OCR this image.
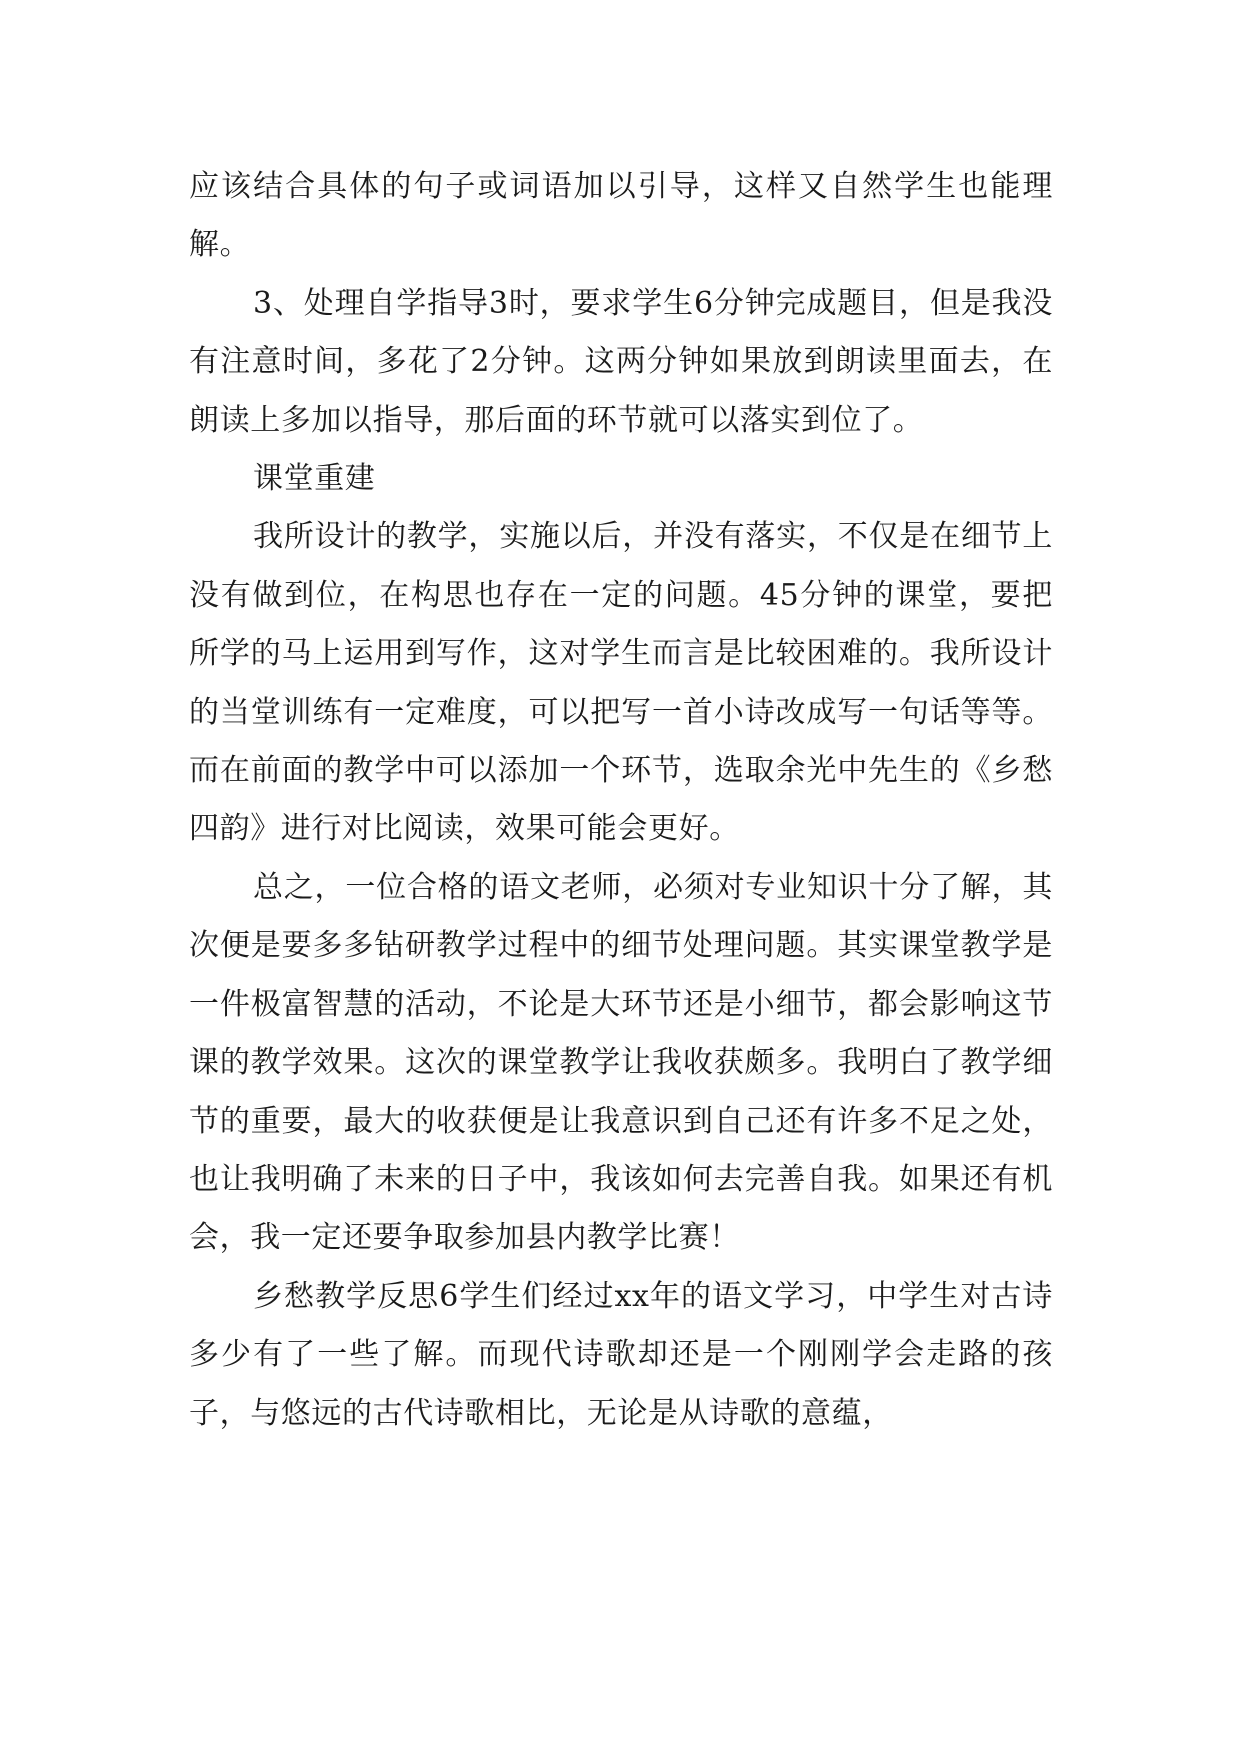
应该结合具体的句子或词语加以引导，这样又自然学生也能理解。

3、处理自学指导3时，要求学生6分钟完成题目，但是我没有注意时间，多花了2分钟。这两分钟如果放到朗读里面去，在朗读上多加以指导，那后面的环节就可以落实到位了。

课堂重建

我所设计的教学，实施以后，并没有落实，不仅是在细节上没有做到位，在构思也存在一定的问题。45分钟的课堂，要把所学的马上运用到写作，这对学生而言是比较困难的。我所设计的当堂训练有一定难度，可以把写一首小诗改成写一句话等等。而在前面的教学中可以添加一个环节，选取余光中先生的《乡愁四韵》进行对比阅读，效果可能会更好。

总之，一位合格的语文老师，必须对专业知识十分了解，其次便是要多多钻研教学过程中的细节处理问题。其实课堂教学是一件极富智慧的活动，不论是大环节还是小细节，都会影响这节课的教学效果。这次的课堂教学让我收获颇多。我明白了教学细节的重要，最大的收获便是让我意识到自己还有许多不足之处，也让我明确了未来的日子中，我该如何去完善自我。如果还有机会，我一定还要争取参加县内教学比赛！

乡愁教学反思6学生们经过xx年的语文学习，中学生对古诗多少有了一些了解。而现代诗歌却还是一个刚刚学会走路的孩子，与悠远的古代诗歌相比，无论是从诗歌的意蕴，
